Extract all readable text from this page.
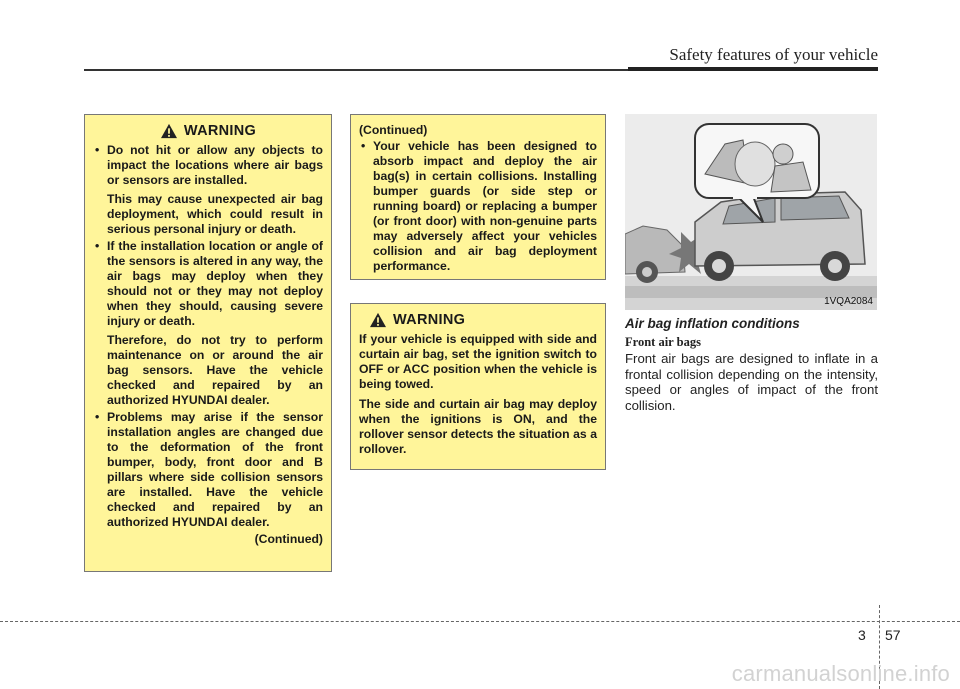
Safety features of your vehicle
WARNING
• Do not hit or allow any objects to impact the locations where air bags or sensors are installed.
This may cause unexpected air bag deployment, which could result in serious personal injury or death.
• If the installation location or angle of the sensors is altered in any way, the air bags may deploy when they should not or they may not deploy when they should, causing severe injury or death.
Therefore, do not try to perform maintenance on or around the air bag sensors. Have the vehicle checked and repaired by an authorized HYUNDAI dealer.
• Problems may arise if the sensor installation angles are changed due to the deformation of the front bumper, body, front door and B pillars where side collision sensors are installed. Have the vehicle checked and repaired by an authorized HYUNDAI dealer.
(Continued)
(Continued)
• Your vehicle has been designed to absorb impact and deploy the air bag(s) in certain collisions. Installing bumper guards (or side step or running board) or replacing a bumper (or front door) with non-genuine parts may adversely affect your vehicles collision and air bag deployment performance.
WARNING

If your vehicle is equipped with side and curtain air bag, set the ignition switch to OFF or ACC position when the vehicle is being towed.

The side and curtain air bag may deploy when the ignitions is ON, and the rollover sensor detects the situation as a rollover.

1VQA2084
Air bag inflation conditions
Front air bags
Front air bags are designed to inflate in a frontal collision depending on the intensity, speed or angles of impact of the front collision.
3 57
carmanualsonline.info
